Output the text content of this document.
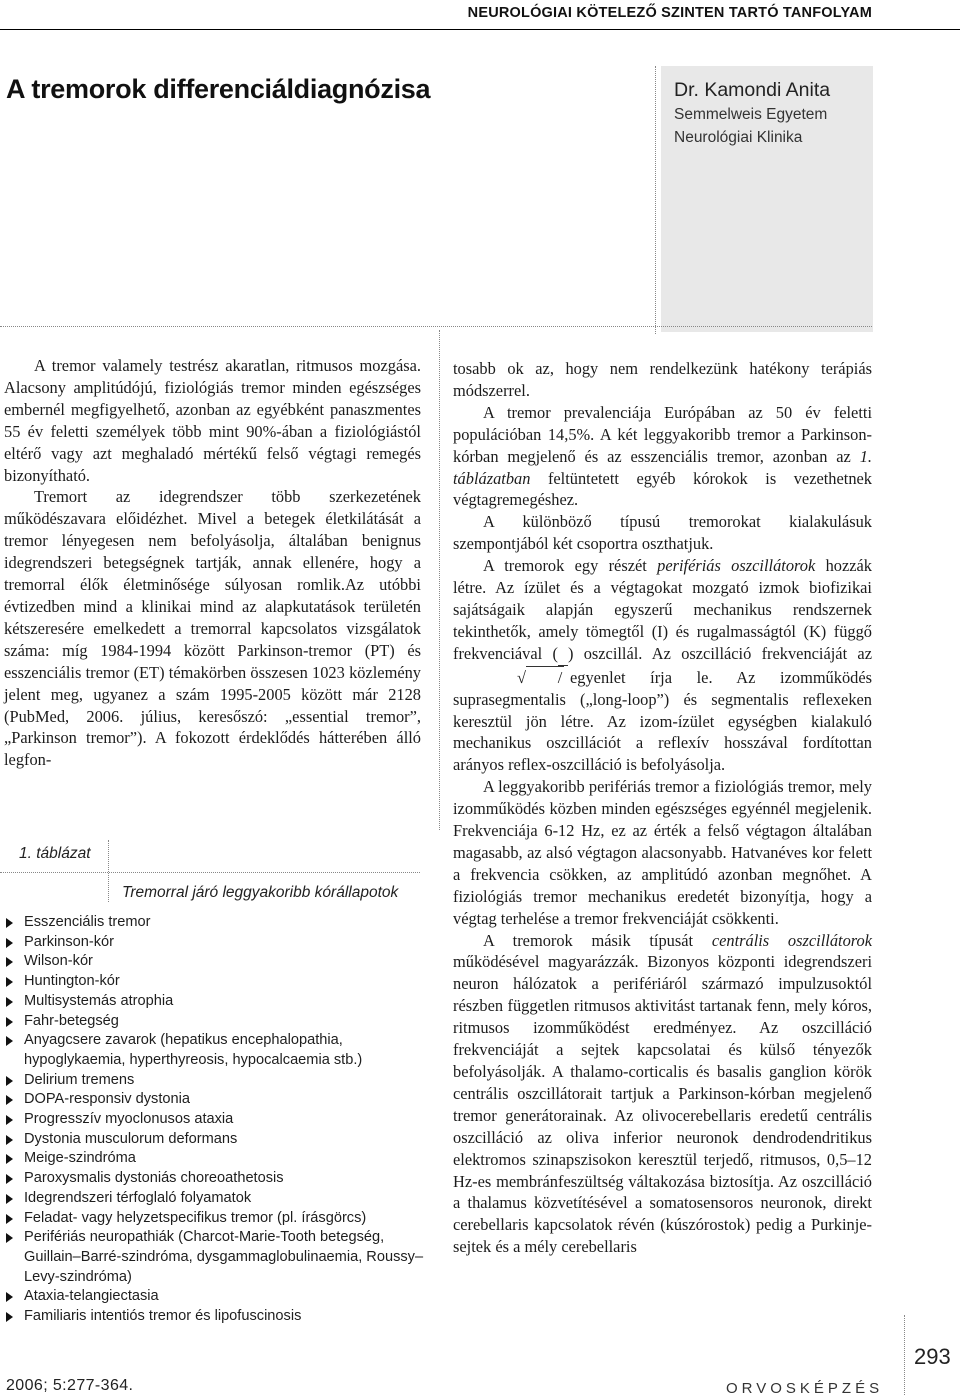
NEUROLÓGIAI KÖTELEZŐ SZINTEN TARTÓ TANFOLYAM
A tremorok differenciáldiagnózisa	Dr. Kamondi Anita
Semmelweis Egyetem
Neurológiai Klinika

A tremor valamely testrész akaratlan, ritmusos mozgása. Alacsony amplitúdójú, fiziológiás tremor minden egészséges embernél megfigyelhető, azonban az egyébként panaszmentes 55 év feletti személyek több mint 90%-ában a fiziológiástól eltérő vagy azt meghaladó mértékű felső végtagi remegés bizonyítható.

Tremort az idegrendszer több szerkezetének működészavara előidézhet. Mivel a betegek életkilátását a tremor lényegesen nem befolyásolja, általában benignus idegrendszeri betegségnek tartják, annak ellenére, hogy a tremorral élők életminősége súlyosan romlik.Az utóbbi évtizedben mind a klinikai mind az alapkutatások területén kétszeresére emelkedett a tremorral kapcsolatos vizsgálatok száma: míg 1984-1994 között Parkinson-tremor (PT) és esszenciális tremor (ET) témakörben összesen 1023 közlemény jelent meg, ugyanez a szám 1995-2005 között már 2128 (PubMed, 2006. július, keresőszó: „essential tremor”, „Parkinson tremor”). A fokozott érdeklődés hátterében álló legfon-

tosabb ok az, hogy nem rendelkezünk hatékony terápiás módszerrel.

A tremor prevalenciája Európában az 50 év feletti populációban 14,5%. A két leggyakoribb tremor a Parkinson-kórban megjelenő és az esszenciális tremor, azonban az 1. táblázatban feltüntetett egyéb kórokok is vezethetnek végtagremegéshez.

A különböző típusú tremorokat kialakulásuk szempontjából két csoportra oszthatjuk.

A tremorok egy részét perifériás oszcillátorok hozzák létre. Az ízület és a végtagokat mozgató izmok biofizikai sajátságaik alapján egyszerű mechanikus rendszernek tekinthetők, amely tömegtől (I) és rugalmasságtól (K) függő frekvenciával ( ) oszcillál. Az oszcilláció frekvenciáját az√ / egyenlet írja le. Az izomműködés suprasegmentalis („long-loop”) és segmentalis reflexeken keresztül jön létre. Az izom-ízület egységben kialakuló mechanikus oszcillációt a reflexív hosszával fordítottan arányos reflex-oszcilláció is befolyásolja.

A leggyakoribb perifériás tremor a fiziológiás tremor, mely izomműködés közben minden egészséges egyénnél megjelenik. Frekvenciája 6-12 Hz, ez az érték a felső végtagon általában magasabb, az alsó végtagon alacsonyabb. Hatvanéves kor felett a frekvencia csökken, az amplitúdó azonban megnőhet. A fiziológiás tremor mechanikus eredetét bizonyítja, hogy a végtag terhelése a tremor frekvenciáját csökkenti.

A tremorok másik típusát centrális oszcillátorok működésével magyarázzák. Bizonyos központi idegrendszeri neuron hálózatok a perifériáról származó impulzusoktól részben független ritmusos aktivitást tartanak fenn, mely kóros, ritmusos izomműködést eredményez. Az oszcilláció frekvenciáját a sejtek kapcsolatai és külső tényezők befolyásolják. A thalamo-corticalis és basalis ganglion körök centrális oszcillátorait tartjuk a Parkinson-kórban megjelenő tremor generátorainak. Az olivocerebellaris eredetű centrális oszcilláció az oliva inferior neuronok dendrodendritikus elektromos szinapszisokon keresztül terjedő, ritmusos, 0,5–12 Hz-es membránfeszültség váltakozása biztosítja. Az oszcilláció a thalamus közvetítésével a somatosensoros neuronok, direkt cerebellaris kapcsolatok révén (kúszórostok) pedig a Purkinje-sejtek és a mély cerebellaris

1. táblázat
Tremorral járó leggyakoribb kórállapotok
Esszenciális tremor
Parkinson-kór
Wilson-kór
Huntington-kór
Multisystemás atrophia
Fahr-betegség
Anyagcsere zavarok (hepatikus encephalopathia, hypoglykaemia, hyperthyreosis, hypocalcaemia stb.)
Delirium tremens
DOPA-responsiv dystonia
Progresszív myoclonusos ataxia
Dystonia musculorum deformans
Meige-szindróma
Paroxysmalis dystoniás choreoathetosis
Idegrendszeri térfoglaló folyamatok
Feladat- vagy helyzetspecifikus tremor (pl. írásgörcs)
Perifériás neuropathiák (Charcot-Marie-Tooth betegség, Guillain–Barré-szindróma, dysgammaglobulinaemia, Roussy–Levy-szindróma)
Ataxia-telangiectasia
Familiaris intentiós tremor és lipofuscinosis
293
2006; 5:277-364.	ORVOSKÉPZÉS
